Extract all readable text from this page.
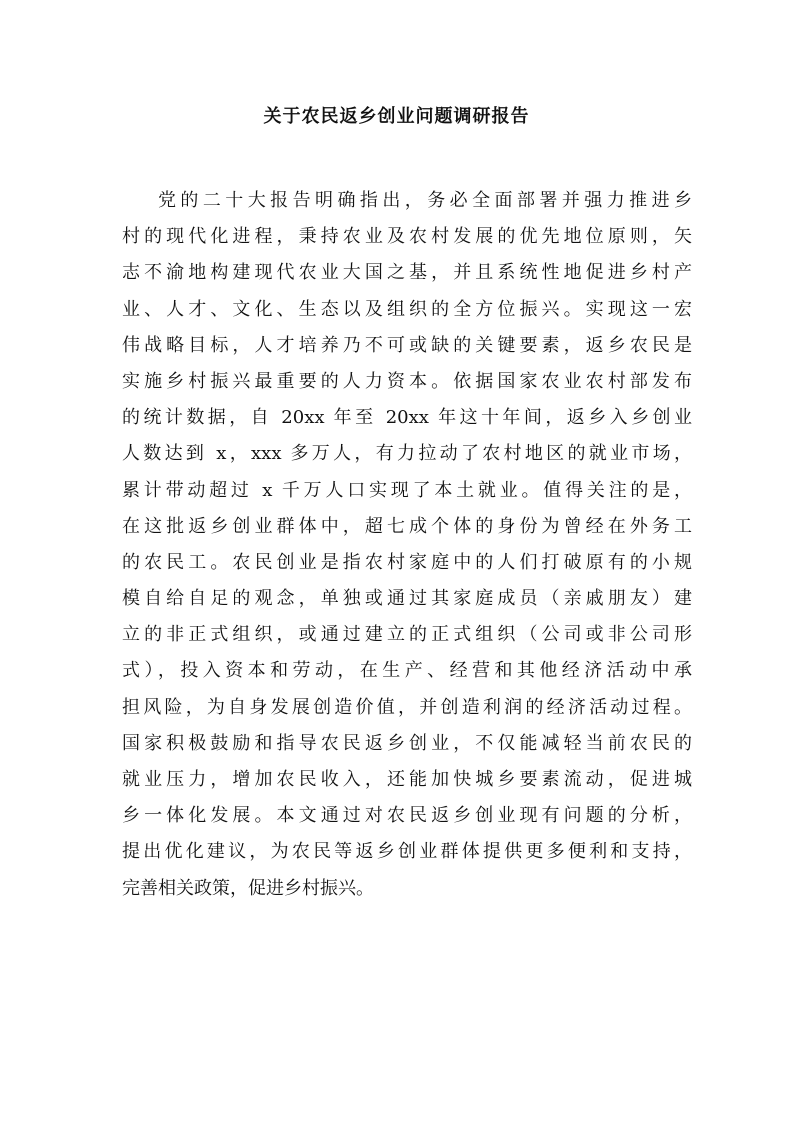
关于农民返乡创业问题调研报告
党的二十大报告明确指出，务必全面部署并强力推进乡
村的现代化进程，秉持农业及农村发展的优先地位原则，矢
志不渝地构建现代农业大国之基，并且系统性地促进乡村产
业、人才、文化、生态以及组织的全方位振兴。实现这一宏
伟战略目标，人才培养乃不可或缺的关键要素，返乡农民是
实施乡村振兴最重要的人力资本。依据国家农业农村部发布
的统计数据，自 20xx 年至 20xx 年这十年间，返乡入乡创业
人数达到 x，xxx 多万人，有力拉动了农村地区的就业市场，
累计带动超过 x 千万人口实现了本土就业。值得关注的是，
在这批返乡创业群体中，超七成个体的身份为曾经在外务工
的农民工。农民创业是指农村家庭中的人们打破原有的小规
模自给自足的观念，单独或通过其家庭成员（亲戚朋友）建
立的非正式组织，或通过建立的正式组织（公司或非公司形
式），投入资本和劳动，在生产、经营和其他经济活动中承
担风险，为自身发展创造价值，并创造利润的经济活动过程。
国家积极鼓励和指导农民返乡创业，不仅能减轻当前农民的
就业压力，增加农民收入，还能加快城乡要素流动，促进城
乡一体化发展。本文通过对农民返乡创业现有问题的分析，
提出优化建议，为农民等返乡创业群体提供更多便利和支持，
完善相关政策，促进乡村振兴。
